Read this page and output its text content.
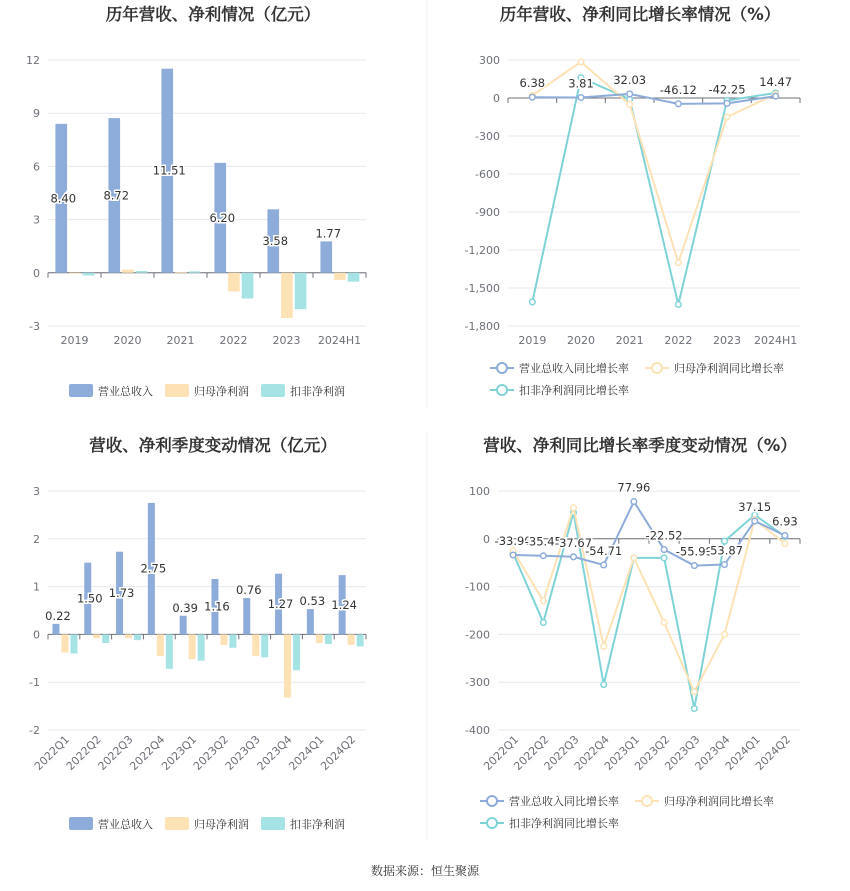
历年营收、净利情况（亿元）
-3
0
3
6
9
12
2019 2020 2021 2022 2023 2024H1
8.40 8.72
11.51
6.20
3.58
1.77
营业总收入	归母净利润	扣非净利润
历年营收、净利同比增长率情况（%）
300
0
-300
-600
-900
-1,200
-1,500
-1,800
2019 2020 2021 2022 2023 2024H1
6.38 3.81 32.03
-46.12 -42.25
14.47
营业总收入同比增长率	归母净利润同比增长率
扣非净利润同比增长率
营收、净利季度变动情况（亿元）
-2
-1
0
1
2
3
2022Q1
2022Q2
2022Q3
2022Q4
2023Q1
2023Q2
2023Q3
2023Q4
2024Q1
2024Q2
0.22
1.50 1.73
2.75
0.39 1.16
0.76
1.27 0.53 1.24
营业总收入	归母净利润	扣非净利润
营收、净利同比增长率季度变动情况（%）
100
0
-100
-200
-300
-400
2022Q1
2022Q2
2022Q3
2022Q4
2023Q1
2023Q2
2023Q3
2023Q4
2024Q1
2024Q2
-33.90
-35.45
-37.67
-54.71
77.96
-22.52
-55.99
-53.87
37.15
6.93
营业总收入同比增长率	归母净利润同比增长率
扣非净利润同比增长率
数据来源：恒生聚源
